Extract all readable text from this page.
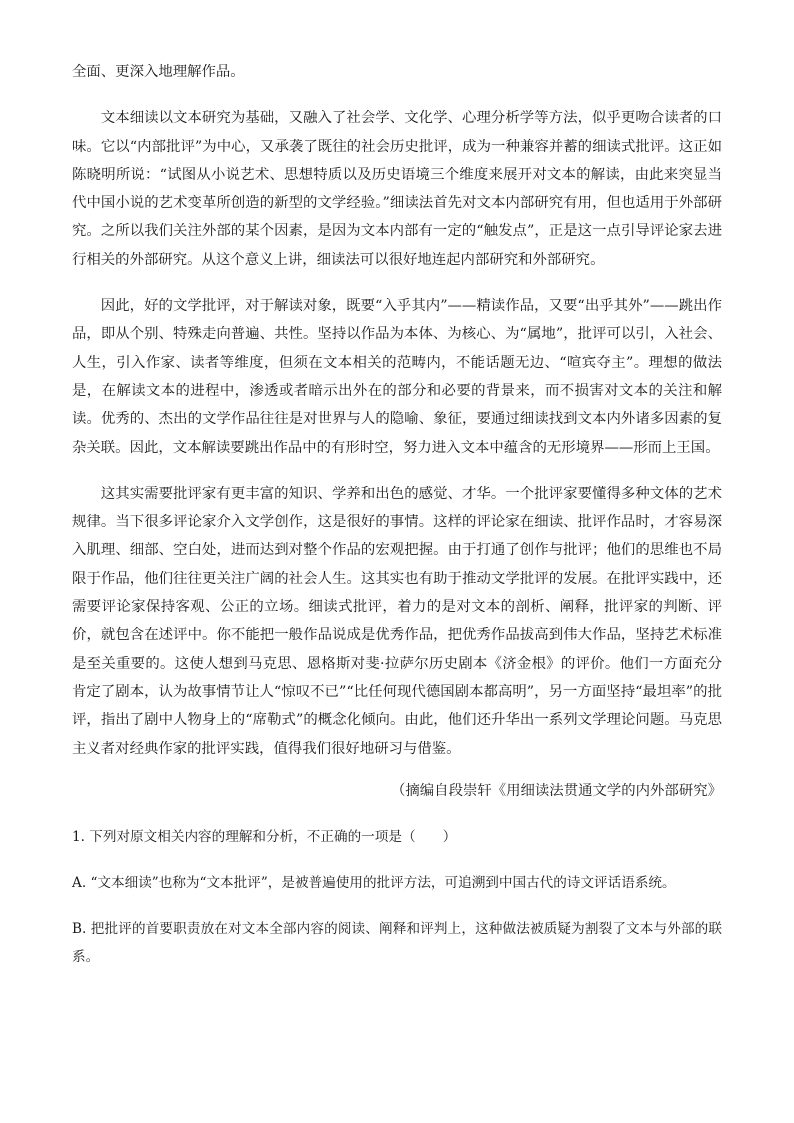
全面、更深入地理解作品。

文本细读以文本研究为基础，又融入了社会学、文化学、心理分析学等方法，似乎更吻合读者的口味。它以“内部批评”为中心，又承袭了既往的社会历史批评，成为一种兼容并蓄的细读式批评。这正如陈晓明所说：“试图从小说艺术、思想特质以及历史语境三个维度来展开对文本的解读，由此来突显当代中国小说的艺术变革所创造的新型的文学经验。”细读法首先对文本内部研究有用，但也适用于外部研究。之所以我们关注外部的某个因素，是因为文本内部有一定的“触发点”，正是这一点引导评论家去进行相关的外部研究。从这个意义上讲，细读法可以很好地连起内部研究和外部研究。

因此，好的文学批评，对于解读对象，既要“入乎其内”——精读作品，又要“出乎其外”——跳出作品，即从个别、特殊走向普遍、共性。坚持以作品为本体、为核心、为“属地”，批评可以引，入社会、人生，引入作家、读者等维度，但须在文本相关的范畴内，不能话题无边、“喧宾夺主”。理想的做法是，在解读文本的进程中，渗透或者暗示出外在的部分和必要的背景来，而不损害对文本的关注和解读。优秀的、杰出的文学作品往往是对世界与人的隐喻、象征，要通过细读找到文本内外诸多因素的复杂关联。因此，文本解读要跳出作品中的有形时空，努力进入文本中蕴含的无形境界——形而上王国。

这其实需要批评家有更丰富的知识、学养和出色的感觉、才华。一个批评家要懂得多种文体的艺术规律。当下很多评论家介入文学创作，这是很好的事情。这样的评论家在细读、批评作品时，才容易深入肌理、细部、空白处，进而达到对整个作品的宏观把握。由于打通了创作与批评；他们的思维也不局限于作品，他们往往更关注广阔的社会人生。这其实也有助于推动文学批评的发展。在批评实践中，还需要评论家保持客观、公正的立场。细读式批评，着力的是对文本的剖析、阐释，批评家的判断、评价，就包含在述评中。你不能把一般作品说成是优秀作品，把优秀作品拔高到伟大作品，坚持艺术标准是至关重要的。这使人想到马克思、恩格斯对斐·拉萨尔历史剧本《济金根》的评价。他们一方面充分肯定了剧本，认为故事情节让人“惊叹不已”“比任何现代德国剧本都高明”，另一方面坚持“最坦率”的批评，指出了剧中人物身上的“席勒式”的概念化倾向。由此，他们还升华出一系列文学理论问题。马克思主义者对经典作家的批评实践，值得我们很好地研习与借鉴。

（摘编自段崇轩《用细读法贯通文学的内外部研究》

1. 下列对原文相关内容的理解和分析，不正确的一项是（　　）

A. “文本细读”也称为“文本批评”，是被普遍使用的批评方法，可追溯到中国古代的诗文评话语系统。

B. 把批评的首要职责放在对文本全部内容的阅读、阐释和评判上，这种做法被质疑为割裂了文本与外部的联系。
